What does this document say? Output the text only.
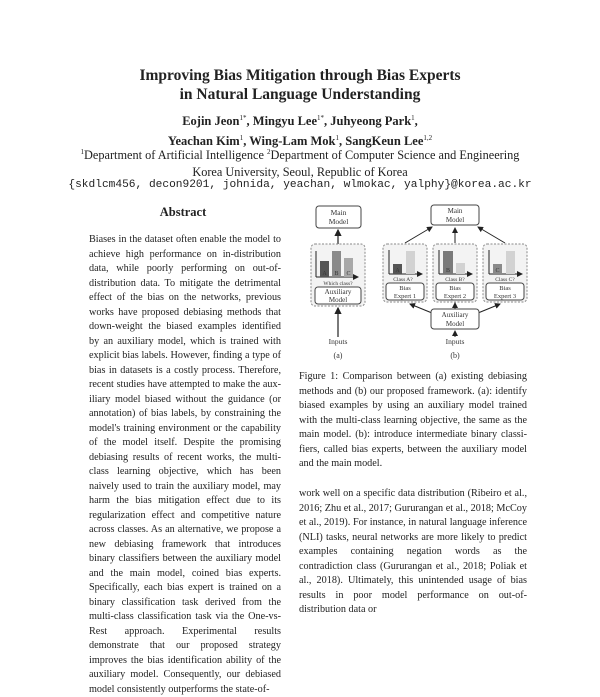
Improving Bias Mitigation through Bias Experts
in Natural Language Understanding
Eojin Jeon$^{1*}$, Mingyu Lee$^{1*}$, Juhyeong Park$^1$,
Yeachan Kim$^1$, Wing-Lam Mok$^1$, SangKeun Lee$^{1,2}$
$^1$Department of Artificial Intelligence $^2$Department of Computer Science and Engineering
Korea University, Seoul, Republic of Korea
{skdlcm456, decon9201, johnida, yeachan, wlmokac, yalphy}@korea.ac.kr
Abstract
Biases in the dataset often enable the model to achieve high performance on in-distribution data, while poorly performing on out-of-distribution data. To mitigate the detrimental effect of the bias on the networks, previous works have proposed debiasing methods that down-weight the biased examples identified by an auxiliary model, which is trained with explicit bias labels. However, finding a type of bias in datasets is a costly process. Therefore, recent studies have attempted to make the auxiliary model biased without the guidance (or annotation) of bias labels, by constraining the model's training environment or the capability of the model itself. Despite the promising debiasing results of recent works, the multi-class learning objective, which has been naively used to train the auxiliary model, may harm the bias mitigation effect due to its regularization effect and competitive nature across classes. As an alternative, we propose a new debiasing framework that introduces binary classifiers between the auxiliary model and the main model, coined bias experts. Specifically, each bias expert is trained on a binary classification task derived from the multi-class classification task via the One-vs-Rest approach. Experimental results demonstrate that our proposed strategy improves the bias identification ability of the auxiliary model. Consequently, our debiased model consistently outperforms the state-of-
Main
Model
A B C
Which class?
Auxiliary
Model
Inputs
(a)
Main
Model
A
Class A?
Bias
Expert 1
B
Class B?
Bias
Expert 2
C
Class C?
Bias
Expert 3
Auxiliary
Model
Inputs
(b)
Figure 1: Comparison between (a) existing debiasing methods and (b) our proposed framework. (a): identify biased examples by using an auxiliary model trained with the multi-class learning objective, the same as the main model. (b): introduce intermediate binary classifiers, called bias experts, between the auxiliary model and the main model.
work well on a specific data distribution (Ribeiro et al., 2016; Zhu et al., 2017; Gururangan et al., 2018; McCoy et al., 2019). For instance, in natural language inference (NLI) tasks, neural networks are more likely to predict examples containing negation words as the contradiction class (Gururangan et al., 2018; Poliak et al., 2018). Ultimately, this unintended usage of bias results in poor model performance on out-of-distribution data or
